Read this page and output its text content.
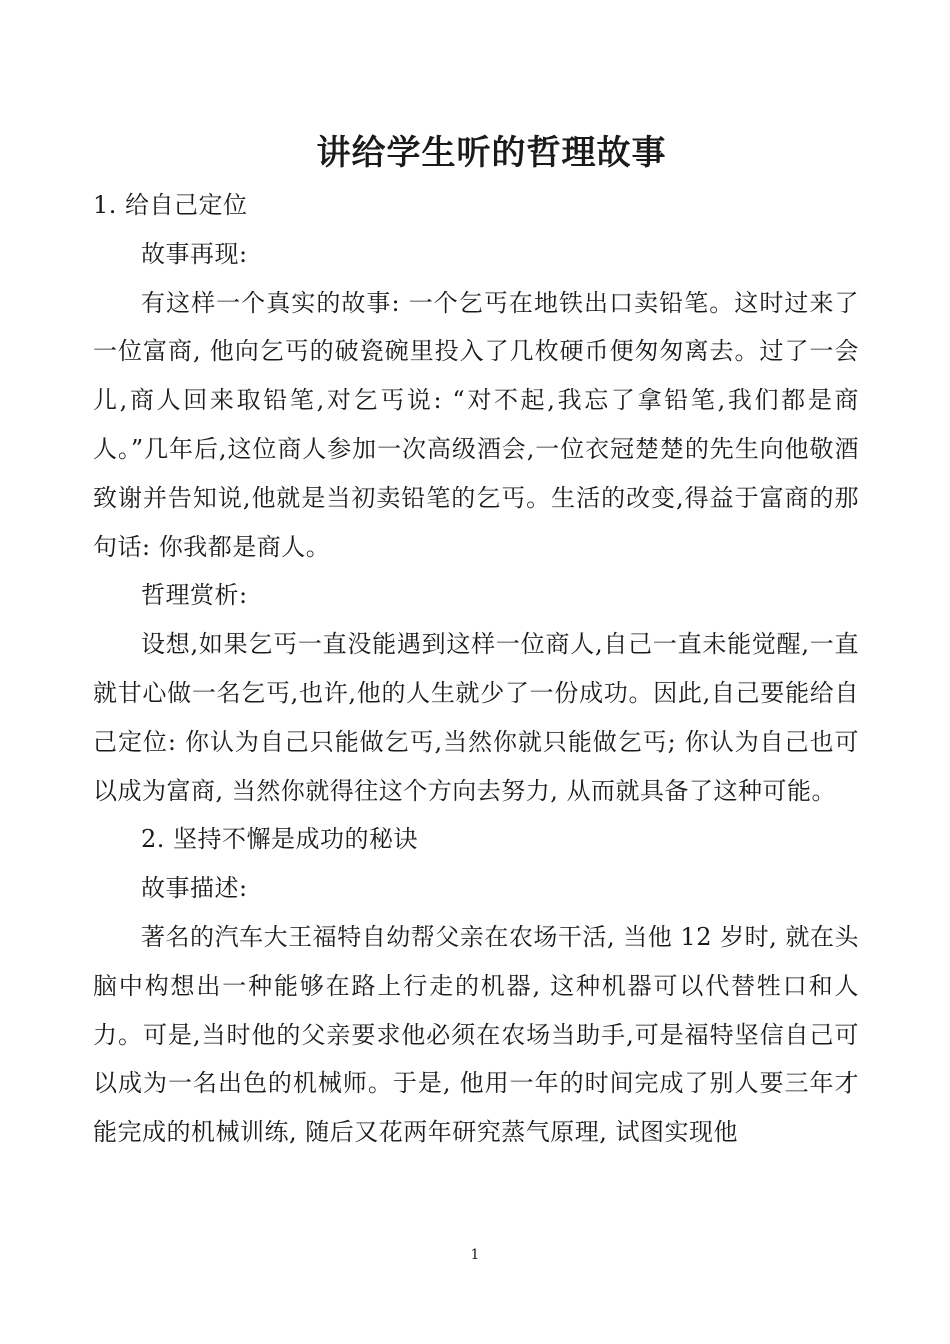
讲给学生听的哲理故事

1. 给自己定位

故事再现:

有这样一个真实的故事: 一个乞丐在地铁出口卖铅笔。这时过来了一位富商, 他向乞丐的破瓷碗里投入了几枚硬币便匆匆离去。过了一会儿,商人回来取铅笔,对乞丐说: “对不起,我忘了拿铅笔,我们都是商人。”几年后,这位商人参加一次高级酒会,一位衣冠楚楚的先生向他敬酒致谢并告知说,他就是当初卖铅笔的乞丐。生活的改变,得益于富商的那句话: 你我都是商人。

哲理赏析:

设想,如果乞丐一直没能遇到这样一位商人,自己一直未能觉醒,一直就甘心做一名乞丐,也许,他的人生就少了一份成功。因此,自己要能给自己定位: 你认为自己只能做乞丐,当然你就只能做乞丐; 你认为自己也可以成为富商, 当然你就得往这个方向去努力, 从而就具备了这种可能。

2. 坚持不懈是成功的秘诀

故事描述:

著名的汽车大王福特自幼帮父亲在农场干活, 当他 12 岁时, 就在头脑中构想出一种能够在路上行走的机器, 这种机器可以代替牲口和人力。可是,当时他的父亲要求他必须在农场当助手,可是福特坚信自己可以成为一名出色的机械师。于是, 他用一年的时间完成了别人要三年才能完成的机械训练, 随后又花两年研究蒸气原理, 试图实现他

1
